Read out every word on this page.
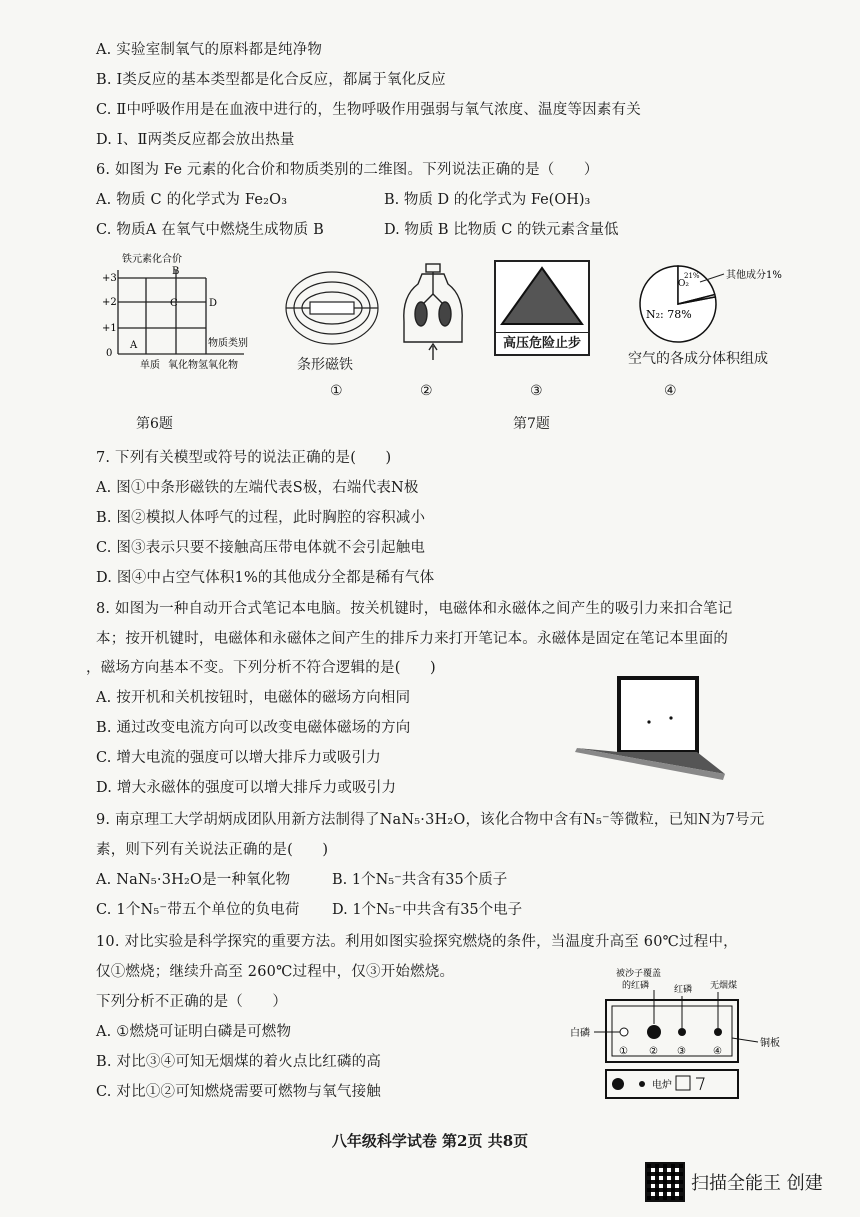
A. 实验室制氧气的原料都是纯净物
B. Ⅰ类反应的基本类型都是化合反应，都属于氧化反应
C. Ⅱ中呼吸作用是在血液中进行的，生物呼吸作用强弱与氧气浓度、温度等因素有关
D. Ⅰ、Ⅱ两类反应都会放出热量
6. 如图为 Fe 元素的化合价和物质类别的二维图。下列说法正确的是（　　）
A. 物质 C 的化学式为 Fe₂O₃	B. 物质 D 的化学式为 Fe(OH)₃
C. 物质A 在氧气中燃烧生成物质 B	D. 物质 B 比物质 C 的铁元素含量低
+3
+2
+1
0
铁元素化合价
物质类别
B
C	D
A
单质 氧化物 氢氧化物
第6题
条形磁铁
①	②
高压危险止步
③
其他成分1%
N₂: 78%
O₂
21%
空气的各成分体积组成
④
第7题
7. 下列有关模型或符号的说法正确的是(　　)
A. 图①中条形磁铁的左端代表S极，右端代表N极
B. 图②模拟人体呼气的过程，此时胸腔的容积减小
C. 图③表示只要不接触高压带电体就不会引起触电
D. 图④中占空气体积1%的其他成分全都是稀有气体
8. 如图为一种自动开合式笔记本电脑。按关机键时，电磁体和永磁体之间产生的吸引力来扣合笔记
本；按开机键时，电磁体和永磁体之间产生的排斥力来打开笔记本。永磁体是固定在笔记本里面的
，磁场方向基本不变。下列分析不符合逻辑的是(　　)
A. 按开机和关机按钮时，电磁体的磁场方向相同
B. 通过改变电流方向可以改变电磁体磁场的方向
C. 增大电流的强度可以增大排斥力或吸引力
D. 增大永磁体的强度可以增大排斥力或吸引力
9. 南京理工大学胡炳成团队用新方法制得了NaN₅·3H₂O，该化合物中含有N₅⁻等微粒，已知N为7号元
素，则下列有关说法正确的是(　　)
A. NaN₅·3H₂O是一种氧化物	B. 1个N₅⁻共含有35个质子
C. 1个N₅⁻带五个单位的负电荷 D. 1个N₅⁻中共含有35个电子
10. 对比实验是科学探究的重要方法。利用如图实验探究燃烧的条件，当温度升高至 60℃过程中，
仅①燃烧；继续升高至 260℃过程中，仅③开始燃烧。
下列分析不正确的是（　　）
A. ①燃烧可证明白磷是可燃物
B. 对比③④可知无烟煤的着火点比红磷的高
C. 对比①②可知燃烧需要可燃物与氧气接触
被沙子覆盖
的红磷	红磷 无烟煤
白磷
铜板
① ② ③	④
电炉
八年级科学试卷 第2页 共8页
扫描全能王 创建
